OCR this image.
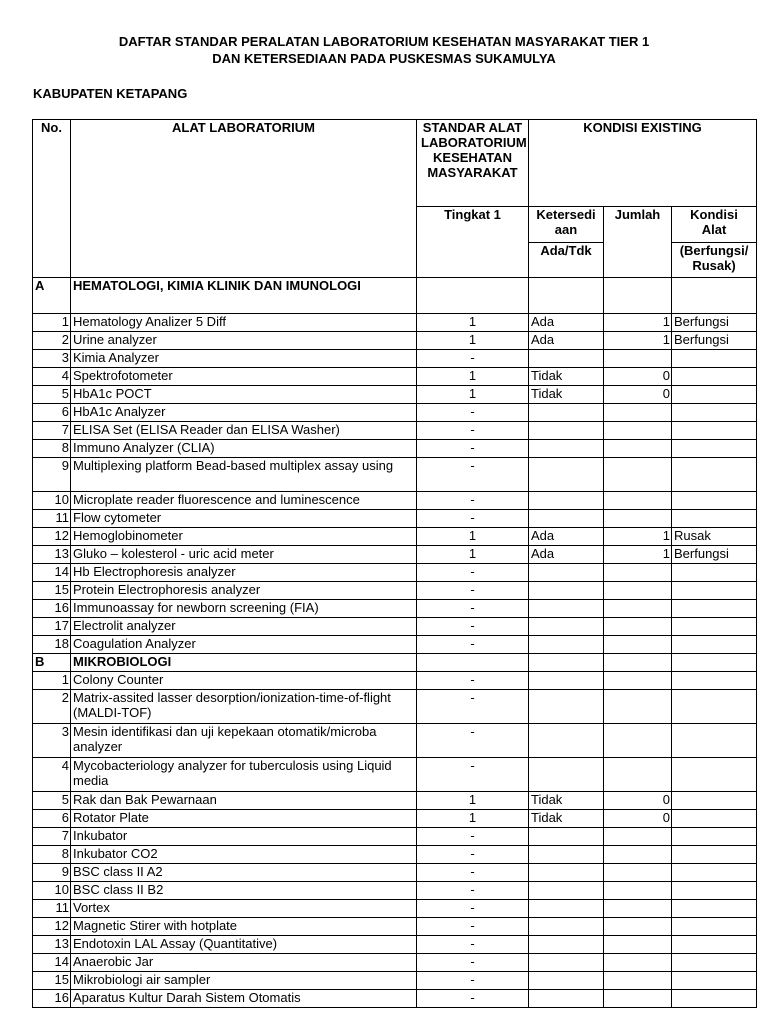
DAFTAR STANDAR PERALATAN LABORATORIUM KESEHATAN MASYARAKAT TIER 1
DAN KETERSEDIAAN PADA PUSKESMAS SUKAMULYA
KABUPATEN KETAPANG
No.	ALAT LABORATORIUM	STANDAR ALAT LABORATORIUM KESEHATAN MASYARAKAT	KONDISI EXISTING		
		Tingkat 1	Ketersediaan	Jumlah	Kondisi Alat
			Ada/Tdk		(Berfungsi/ Rusak)
A	HEMATOLOGI, KIMIA KLINIK DAN IMUNOLOGI				
1	Hematology Analizer 5 Diff	1	Ada	1	Berfungsi
2	Urine analyzer	1	Ada	1	Berfungsi
3	Kimia Analyzer	-			
4	Spektrofotometer	1	Tidak	0	
5	HbA1c POCT	1	Tidak	0	
6	HbA1c Analyzer	-			
7	ELISA Set (ELISA Reader dan ELISA Washer)	-			
8	Immuno Analyzer (CLIA)	-			
9	Multiplexing platform Bead-based multiplex assay using	-			
10	Microplate reader fluorescence and luminescence	-			
11	Flow cytometer	-			
12	Hemoglobinometer	1	Ada	1	Rusak
13	Gluko – kolesterol - uric acid meter	1	Ada	1	Berfungsi
14	Hb Electrophoresis analyzer	-			
15	Protein Electrophoresis analyzer	-			
16	Immunoassay for newborn screening (FIA)	-			
17	Electrolit analyzer	-			
18	Coagulation Analyzer	-			
B	MIKROBIOLOGI				
1	Colony Counter	-			
2	Matrix-assited lasser desorption/ionization-time-of-flight (MALDI-TOF)	-			
3	Mesin identifikasi dan uji kepekaan otomatik/microba analyzer	-			
4	Mycobacteriology analyzer for tuberculosis using Liquid media	-			
5	Rak dan Bak Pewarnaan	1	Tidak	0	
6	Rotator Plate	1	Tidak	0	
7	Inkubator	-			
8	Inkubator CO2	-			
9	BSC class II A2	-			
10	BSC class II B2	-			
11	Vortex	-			
12	Magnetic Stirer with hotplate	-			
13	Endotoxin LAL Assay (Quantitative)	-			
14	Anaerobic Jar	-			
15	Mikrobiologi air sampler	-			
16	Aparatus Kultur Darah Sistem Otomatis	-			
